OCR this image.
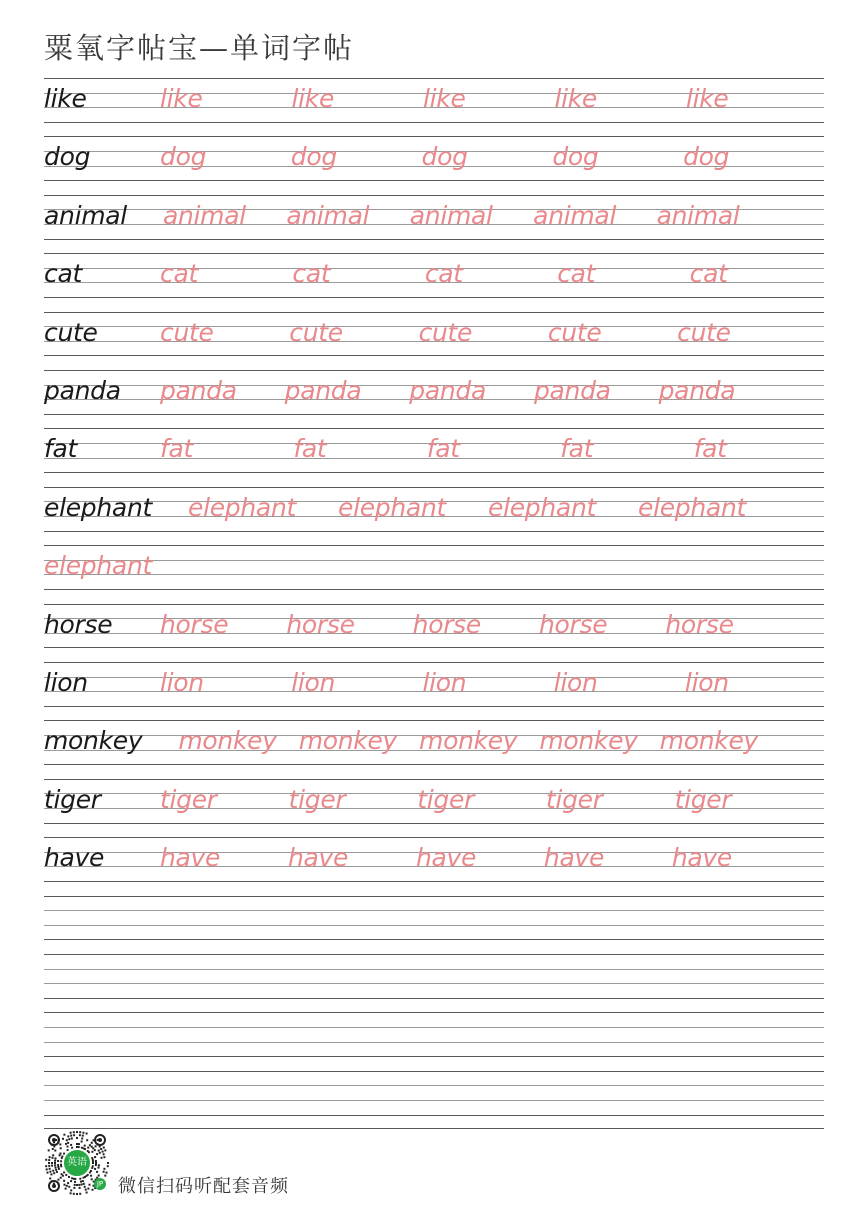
粟氧字帖宝—单词字帖
like	like	like	like	like	like
dog	dog	dog	dog	dog	dog
animal animal animal animal animal animal
cat	cat	cat	cat	cat	cat
cute cute	cute	cute	cute	cute
panda panda panda panda panda panda
fat	fat	fat	fat	fat	fat
elephant elephant elephant elephant elephant
elephant
horse horse horse horse horse horse
lion	lion	lion	lion	lion	lion
monkey monkey monkey monkey monkey monkey
tiger tiger	tiger	tiger	tiger	tiger
have have	have	have	have	have
英语
JP 微信扫码听配套音频
